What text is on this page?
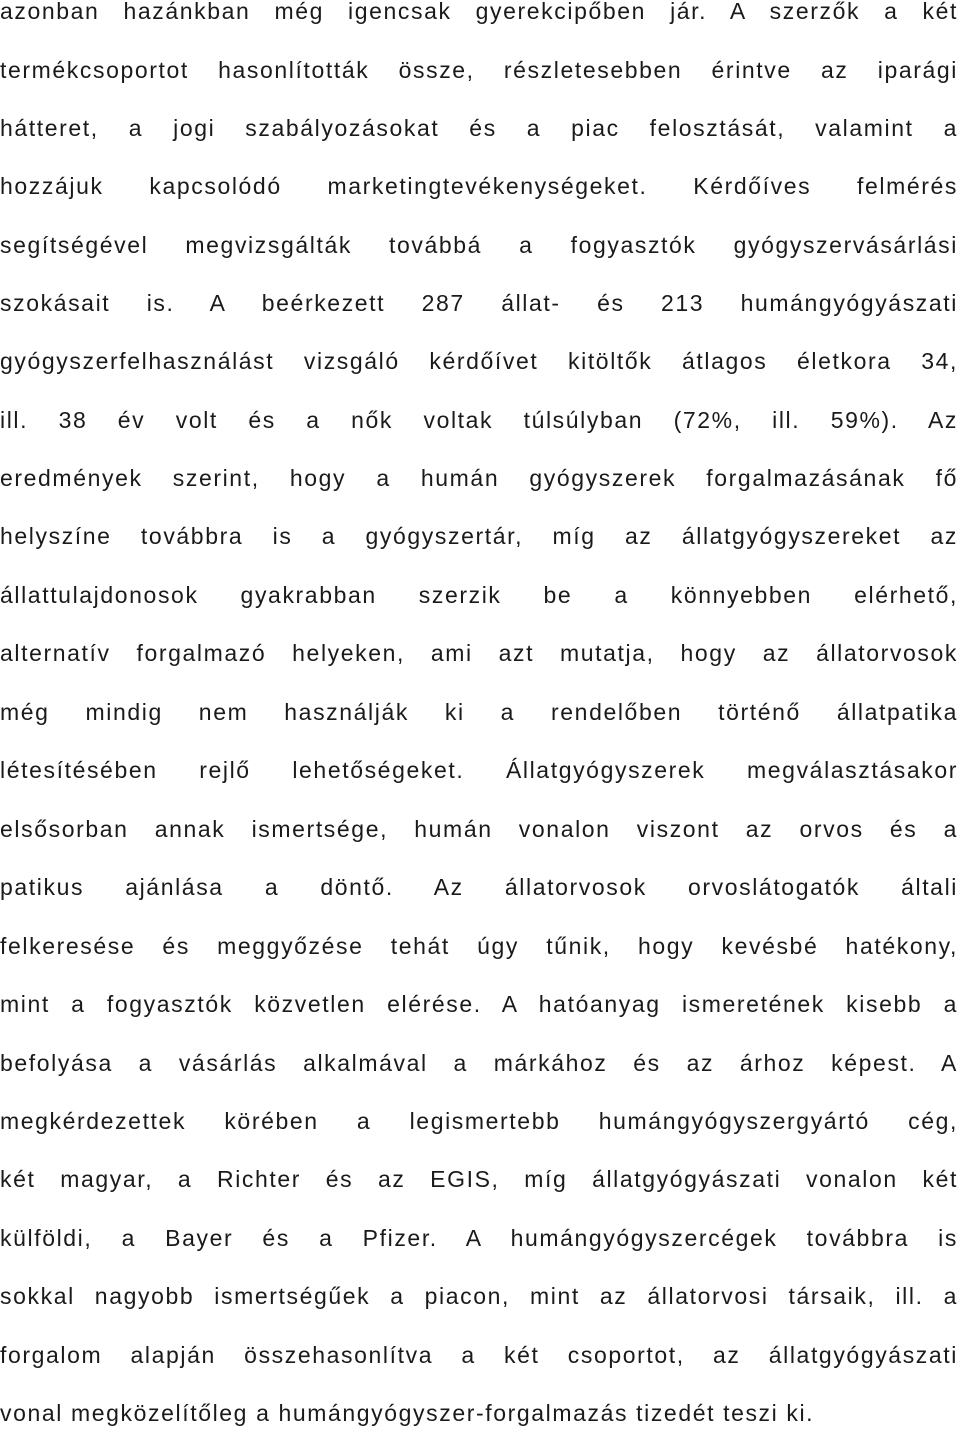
azonban hazánkban még igencsak gyerekcipőben jár. A szerzők a két
termékcsoportot hasonlították össze, részletesebben érintve az iparági
hátteret, a jogi szabályozásokat és a piac felosztását, valamint a
hozzájuk kapcsolódó marketingtevékenységeket. Kérdőíves felmérés
segítségével megvizsgálták továbbá a fogyasztók gyógyszervásárlási
szokásait is. A beérkezett 287 állat- és 213 humángyógyászati
gyógyszerfelhasználást vizsgáló kérdőívet kitöltők átlagos életkora 34,
ill. 38 év volt és a nők voltak túlsúlyban (72%, ill. 59%). Az
eredmények szerint, hogy a humán gyógyszerek forgalmazásának fő
helyszíne továbbra is a gyógyszertár, míg az állatgyógyszereket az
állattulajdonosok gyakrabban szerzik be a könnyebben elérhető,
alternatív forgalmazó helyeken, ami azt mutatja, hogy az állatorvosok
még mindig nem használják ki a rendelőben történő állatpatika
létesítésében rejlő lehetőségeket. Állatgyógyszerek megválasztásakor
elsősorban annak ismertsége, humán vonalon viszont az orvos és a
patikus ajánlása a döntő. Az állatorvosok orvoslátogatók általi
felkeresése és meggyőzése tehát úgy tűnik, hogy kevésbé hatékony,
mint a fogyasztók közvetlen elérése. A hatóanyag ismeretének kisebb a
befolyása a vásárlás alkalmával a márkához és az árhoz képest. A
megkérdezettek körében a legismertebb humángyógyszergyártó cég,
két magyar, a Richter és az EGIS, míg állatgyógyászati vonalon két
külföldi, a Bayer és a Pfizer. A humángyógyszercégek továbbra is
sokkal nagyobb ismertségűek a piacon, mint az állatorvosi társaik, ill. a
forgalom alapján összehasonlítva a két csoportot, az állatgyógyászati
vonal megközelítőleg a humángyógyszer-forgalmazás tizedét teszi ki.
